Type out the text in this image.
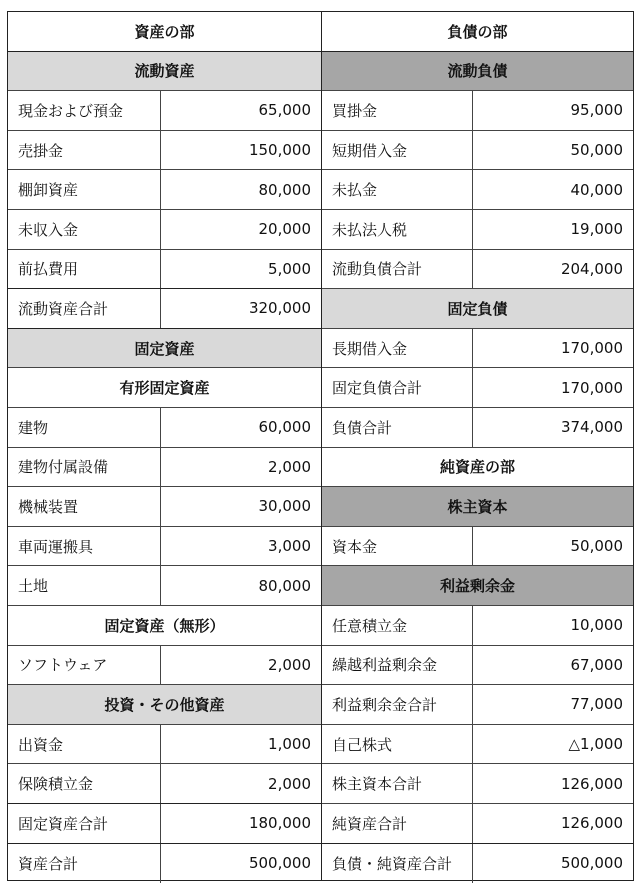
資産の部
流動資産
現金および預金	65,000
売掛金	150,000
棚卸資産	80,000
未収入金	20,000
前払費用	5,000
流動資産合計	320,000
固定資産
有形固定資産
建物	60,000
建物付属設備	2,000
機械装置	30,000
車両運搬具	3,000
土地	80,000
固定資産（無形）
ソフトウェア	2,000
投資・その他資産
出資金	1,000
保険積立金	2,000
固定資産合計	180,000
資産合計	500,000
負債の部
流動負債
買掛金	95,000
短期借入金	50,000
未払金	40,000
未払法人税	19,000
流動負債合計	204,000
固定負債
長期借入金	170,000
固定負債合計	170,000
負債合計	374,000
純資産の部
株主資本
資本金	50,000
利益剰余金
任意積立金	10,000
繰越利益剰余金	67,000
利益剰余金合計	77,000
自己株式	△1,000
株主資本合計	126,000
純資産合計	126,000
負債・純資産合計	500,000
